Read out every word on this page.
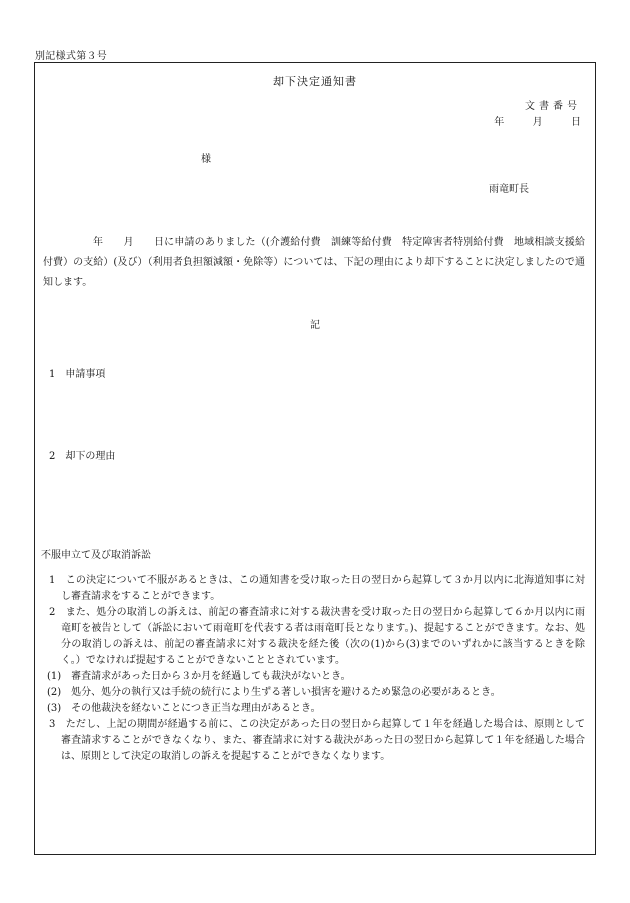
別記様式第３号
却下決定通知書
文書番号
年	月	日
様
雨竜町長
年　　月　　日に申請のありました（(介護給付費　訓練等給付費　特定障害者特別給付費　地域相談支援給付費）の支給）(及び）（利用者負担額減額・免除等）については、下記の理由により却下することに決定しましたので通知します。
記
1　申請事項
2　却下の理由
不服申立て及び取消訴訟
1　この決定について不服があるときは、この通知書を受け取った日の翌日から起算して３か月以内に北海道知事に対し審査請求をすることができます。
2　また、処分の取消しの訴えは、前記の審査請求に対する裁決書を受け取った日の翌日から起算して６か月以内に雨竜町を被告として（訴訟において雨竜町を代表する者は雨竜町長となります。)、提起することができます。なお、処分の取消しの訴えは、前記の審査請求に対する裁決を経た後（次の(1)から(3)までのいずれかに該当するときを除く。）でなければ提起することができないこととされています。
(1)　審査請求があった日から３か月を経過しても裁決がないとき。
(2)　処分、処分の執行又は手続の続行により生ずる著しい損害を避けるため緊急の必要があるとき。
(3)　その他裁決を経ないことにつき正当な理由があるとき。
3　ただし、上記の期間が経過する前に、この決定があった日の翌日から起算して１年を経過した場合は、原則として審査請求することができなくなり、また、審査請求に対する裁決があった日の翌日から起算して１年を経過した場合は、原則として決定の取消しの訴えを提起することができなくなります。
